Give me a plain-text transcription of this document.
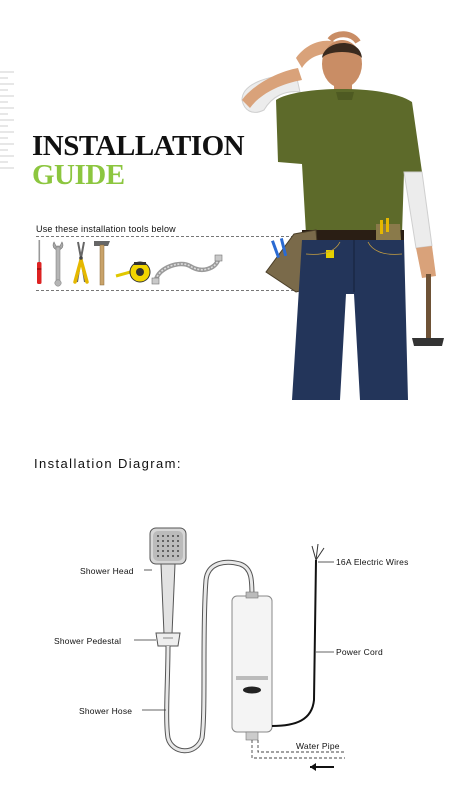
INSTALLATION
GUIDE
Use these installation tools below
Installation Diagram:
Shower Head
Shower Pedestal
Shower Hose
16A Electric Wires
Power Cord
Water Pipe
